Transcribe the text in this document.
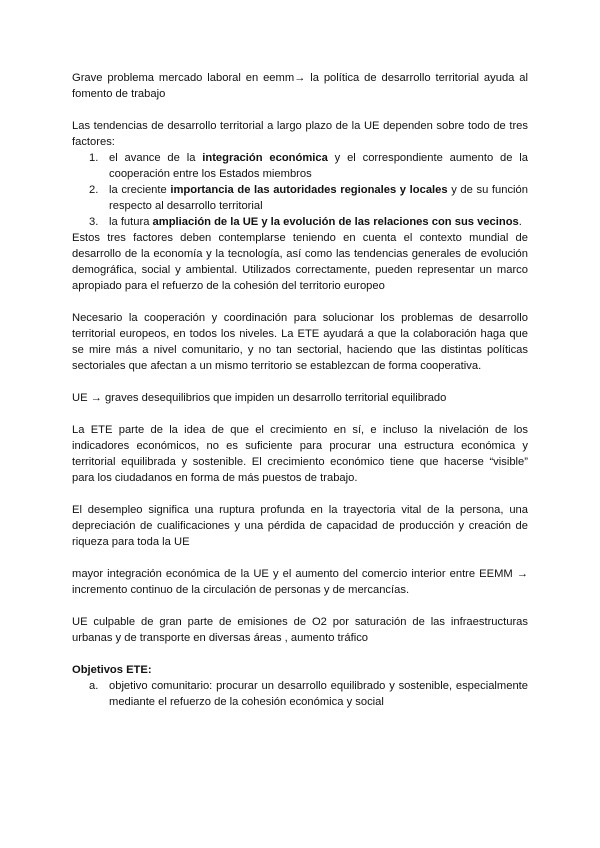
Grave problema mercado laboral en eemm→ la política de desarrollo territorial ayuda al fomento de trabajo

Las tendencias de desarrollo territorial a largo plazo de la UE dependen sobre todo de tres factores:

1. el avance de la integración económica y el correspondiente aumento de la cooperación entre los Estados miembros
2. la creciente importancia de las autoridades regionales y locales y de su función respecto al desarrollo territorial
3. la futura ampliación de la UE y la evolución de las relaciones con sus vecinos.

Estos tres factores deben contemplarse teniendo en cuenta el contexto mundial de desarrollo de la economía y la tecnología, así como las tendencias generales de evolución demográfica, social y ambiental. Utilizados correctamente, pueden representar un marco apropiado para el refuerzo de la cohesión del territorio europeo

Necesario la cooperación y coordinación para solucionar los problemas de desarrollo territorial europeos, en todos los niveles. La ETE ayudará a que la colaboración haga que se mire más a nivel comunitario, y no tan sectorial, haciendo que las distintas políticas sectoriales que afectan a un mismo territorio se establezcan de forma cooperativa.

UE → graves desequilibrios que impiden un desarrollo territorial equilibrado

La ETE parte de la idea de que el crecimiento en sí, e incluso la nivelación de los indicadores económicos, no es suficiente para procurar una estructura económica y territorial equilibrada y sostenible. El crecimiento económico tiene que hacerse “visible” para los ciudadanos en forma de más puestos de trabajo.

El desempleo significa una ruptura profunda en la trayectoria vital de la persona, una depreciación de cualificaciones y una pérdida de capacidad de producción y creación de riqueza para toda la UE

mayor integración económica de la UE y el aumento del comercio interior entre EEMM → incremento continuo de la circulación de personas y de mercancías.

UE culpable de gran parte de emisiones de O2 por saturación de las infraestructuras urbanas y de transporte en diversas áreas , aumento tráfico

Objetivos ETE:

a. objetivo comunitario: procurar un desarrollo equilibrado y sostenible, especialmente mediante el refuerzo de la cohesión económica y social
